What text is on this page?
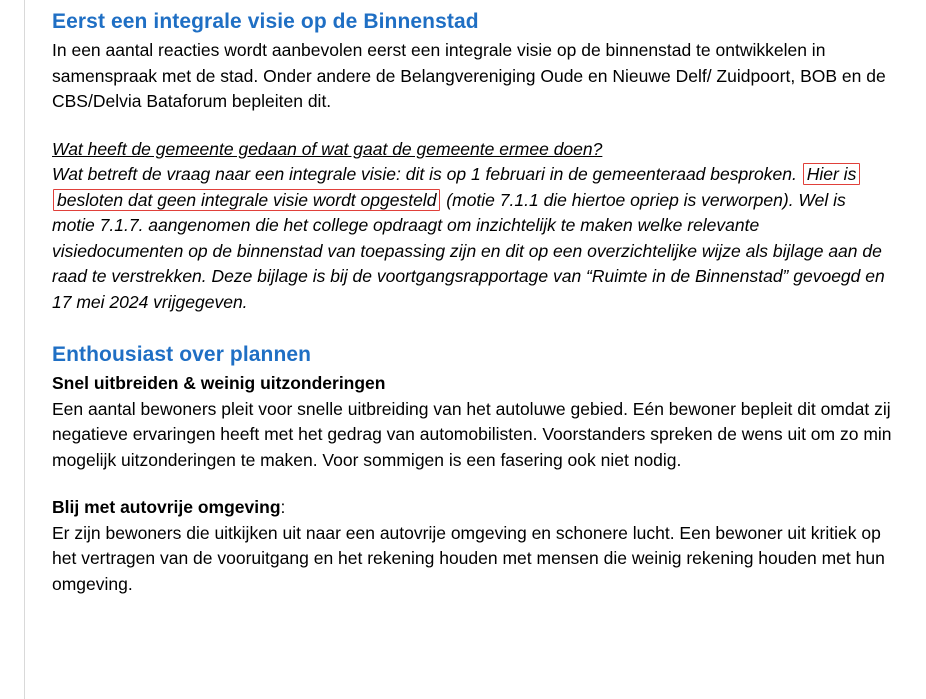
Eerst een integrale visie op de Binnenstad

In een aantal reacties wordt aanbevolen eerst een integrale visie op de binnenstad te ontwikkelen in samenspraak met de stad. Onder andere de Belangvereniging Oude en Nieuwe Delf/ Zuidpoort, BOB en de CBS/Delvia Bataforum bepleiten dit.

Wat heeft de gemeente gedaan of wat gaat de gemeente ermee doen?

Wat betreft de vraag naar een integrale visie: dit is op 1 februari in de gemeenteraad besproken. Hier is besloten dat geen integrale visie wordt opgesteld (motie 7.1.1 die hiertoe opriep is verworpen). Wel is motie 7.1.7. aangenomen die het college opdraagt om inzichtelijk te maken welke relevante visiedocumenten op de binnenstad van toepassing zijn en dit op een overzichtelijke wijze als bijlage aan de raad te verstrekken. Deze bijlage is bij de voortgangsrapportage van “Ruimte in de Binnenstad” gevoegd en 17 mei 2024 vrijgegeven.

Enthousiast over plannen

Snel uitbreiden & weinig uitzonderingen

Een aantal bewoners pleit voor snelle uitbreiding van het autoluwe gebied. Eén bewoner bepleit dit omdat zij negatieve ervaringen heeft met het gedrag van automobilisten. Voorstanders spreken de wens uit om zo min mogelijk uitzonderingen te maken. Voor sommigen is een fasering ook niet nodig.

Blij met autovrije omgeving:

Er zijn bewoners die uitkijken uit naar een autovrije omgeving en schonere lucht. Een bewoner uit kritiek op het vertragen van de vooruitgang en het rekening houden met mensen die weinig rekening houden met hun omgeving.
